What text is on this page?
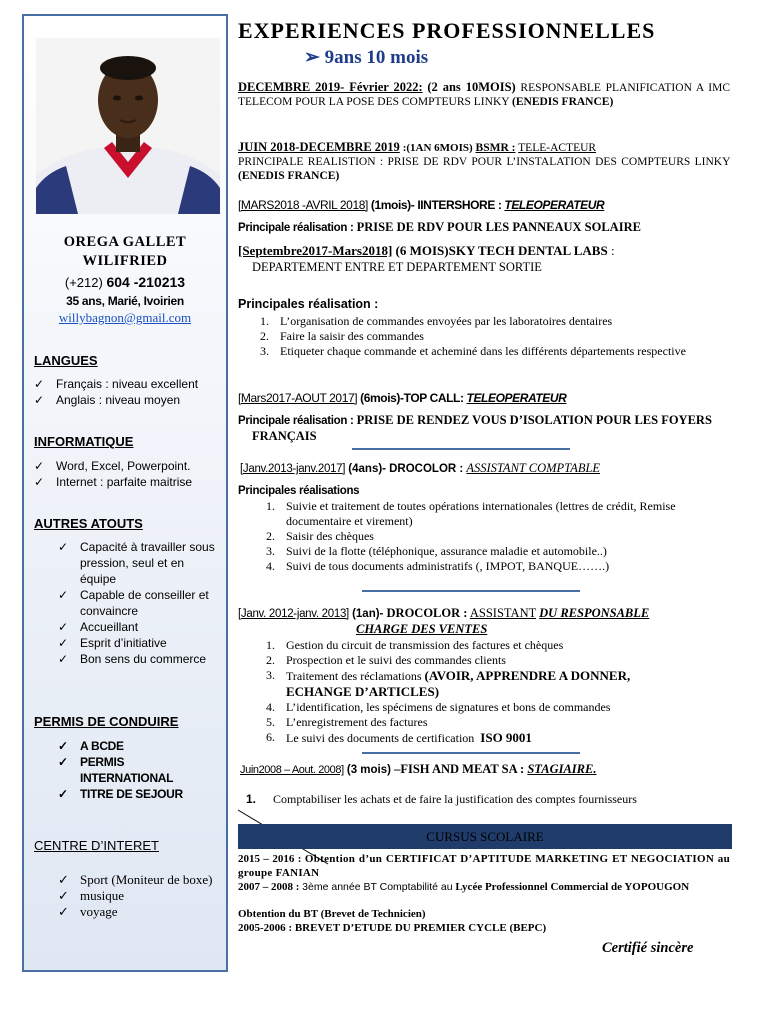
OREGA GALLET
WILIFRIED
(+212) 604 -210213
35 ans, Marié, Ivoirien
willybagnon@gmail.com
LANGUES
✓ Français : niveau excellent
✓ Anglais : niveau moyen
INFORMATIQUE
✓ Word, Excel, Powerpoint.
✓ Internet : parfaite maitrise
AUTRES ATOUTS
✓ Capacité à travailler sous pression, seul et en équipe
✓ Capable de conseiller et convaincre
✓ Accueillant
✓ Esprit d’initiative
✓ Bon sens du commerce
PERMIS DE CONDUIRE
✓ A BCDE
✓ PERMIS INTERNATIONAL
✓ TITRE DE SEJOUR
CENTRE D’INTERET
✓ Sport (Moniteur de boxe)
✓ musique
✓ voyage
EXPERIENCES PROFESSIONNELLES
➢ 9ans 10 mois
DECEMBRE 2019- Février 2022: (2 ans 10MOIS) RESPONSABLE PLANIFICATION A IMC TELECOM POUR LA POSE DES COMPTEURS LINKY (ENEDIS FRANCE)
JUIN 2018-DECEMBRE 2019 :(1AN 6MOIS) BSMR : TELE-ACTEUR
PRINCIPALE REALISTION : PRISE DE RDV POUR L’INSTALATION DES COMPTEURS LINKY (ENEDIS FRANCE)
[MARS2018 -AVRIL 2018] (1mois)- IINTERSHORE : TELEOPERATEUR
Principale réalisation : PRISE DE RDV POUR LES PANNEAUX SOLAIRE
[Septembre2017-Mars2018] (6 MOIS)SKY TECH DENTAL LABS :
DEPARTEMENT ENTRE ET DEPARTEMENT SORTIE
Principales réalisation :
1. L’organisation de commandes envoyées par les laboratoires dentaires
2. Faire la saisir des commandes
3. Etiqueter chaque commande et acheminé dans les différents départements respective
[Mars2017-AOUT 2017] (6mois)-TOP CALL: TELEOPERATEUR
Principale réalisation : PRISE DE RENDEZ VOUS D’ISOLATION POUR LES FOYERS
FRANÇAIS
[Janv.2013-janv.2017] (4ans)- DROCOLOR : ASSISTANT COMPTABLE
Principales réalisations
1. Suivie et traitement de toutes opérations internationales (lettres de crédit, Remise documentaire et virement)
2. Saisir des chèques
3. Suivi de la flotte (téléphonique, assurance maladie et automobile..)
4. Suivi de tous documents administratifs (, IMPOT, BANQUE…….)
[Janv. 2012-janv. 2013] (1an)- DROCOLOR : ASSISTANT DU RESPONSABLE
CHARGE DES VENTES
1. Gestion du circuit de transmission des factures et chèques
2. Prospection et le suivi des commandes clients
3. Traitement des réclamations (AVOIR, APPRENDRE A DONNER,
ECHANGE D’ARTICLES)
4. L’identification, les spécimens de signatures et bons de commandes
5. L’enregistrement des factures
6. Le suivi des documents de certification ISO 9001
Juin2008 – Aout. 2008] (3 mois) –FISH AND MEAT SA : STAGIAIRE.
1. Comptabiliser les achats et de faire la justification des comptes fournisseurs
CURSUS SCOLAIRE
2015 – 2016 : Obtention d’un CERTIFICAT D’APTITUDE MARKETING ET NEGOCIATION au groupe FANIAN
2007 – 2008 : 3ème année BT Comptabilité au Lycée Professionnel Commercial de YOPOUGON
Obtention du BT (Brevet de Technicien)
2005-2006 : BREVET D’ETUDE DU PREMIER CYCLE (BEPC)
Certifié sincère
